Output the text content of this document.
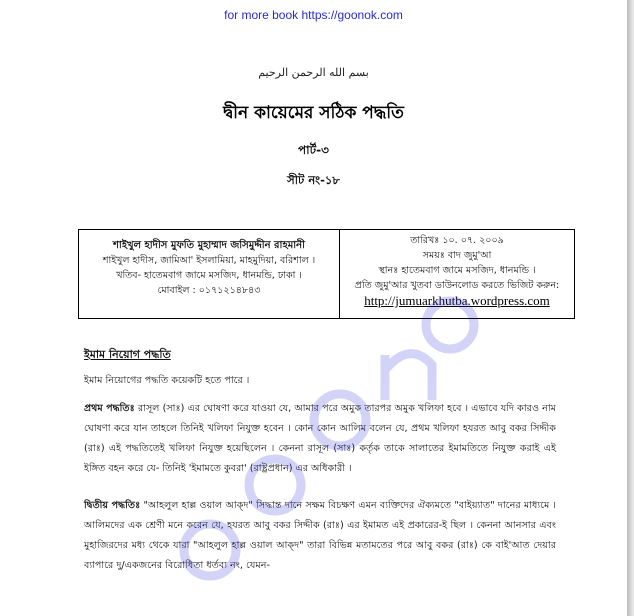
for more book https://goonok.com
بسم الله الرحمن الرحيم
দ্বীন কায়েমের সঠিক পদ্ধতি
পার্ট-৩
সীট নং-১৮
শাইখুল হাদীস মুফতি মুহাম্মাদ জসিমুদ্দীন রাহমানী
শাইখুল হাদীস, জামিআ' ইসলামিয়া, মাহমুদিয়া, বরিশাল ।
খতিব- হাতেমবাগ জামে মসজিদ, ধানমন্ডি, ঢাকা ।
মোবাইল : ০১৭১২১৪৮৪৩
তারিখঃ ১০. ০৭. ২০০৯
সময়ঃ বাদ জুমু'আ
স্থানঃ হাতেমবাগ জামে মসজিদ, ধানমন্ডি ।
প্রতি জুমু'আর খুতবা ডাউনলোড করতে ভিজিট করুন:
http://jumuarkhutba.wordpress.com
ইমাম নিয়োগ পদ্ধতি
ইমাম নিয়োগের পদ্ধতি কয়েকটি হতে পারে ।
প্রথম পদ্ধতিঃ রাসূল (সাঃ) এর ঘোষণা করে যাওয়া যে, আমার পরে অমুক তারপর অমুক খলিফা হবে । এভাবে যদি কারও নাম ঘোষণা করে যান তাহলে তিনিই খলিফা নিযুক্ত হবেন । কোন কোন আলিম বলেন যে, প্রথম খলিফা হযরত আবু বকর সিদ্দীক (রাঃ) এই পদ্ধতিতেই খলিফা নিযুক্ত হয়েছিলেন । কেননা রাসূল (সাঃ) কর্তৃক তাকে সালাতের ইমামতিতে নিযুক্ত করাই এই ইঙ্গিত বহন করে যে- তিনিই 'ইমামতে কুবরা' (রাষ্ট্রপ্রধান) এর অধিকারী ।
দ্বিতীয় পদ্ধতিঃ "আহলুল হাল্ল ওয়াল আক্‌দ" সিদ্ধান্ত দানে সক্ষম বিচক্ষণ এমন ব্যক্তিদের ঐক্যমতে "বাইয়্যাত" দানের মাধ্যমে । আলিমদের এক শ্রেণী মনে করেন যে, হযরত আবু বকর সিদ্দীক (রাঃ) এর ইমামত এই প্রকারের-ই ছিল । কেননা আনসার এবং মুহাজিরদের মধ্য থেকে যারা "আহলুল হাল্ল ওয়াল আক্‌দ" তারা বিভিন্ন মতামতের পরে আবু বকর (রাঃ) কে বাই'আত দেয়ার ব্যাপারে দু/একজনের বিরোধিতা ধর্তব্য নং, যেমন-
